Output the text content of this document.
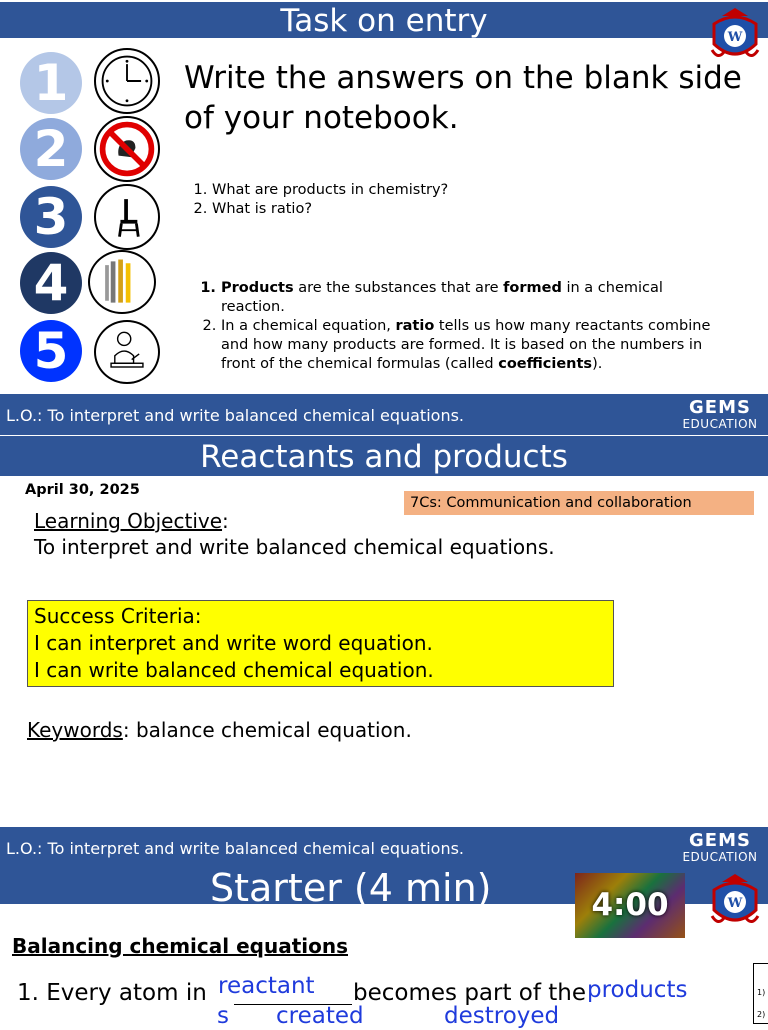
Task on entry	W
1
2
3
4
5
Write the answers on the blank side of your notebook.
1. What are products in chemistry?
2. What is ratio?
1. Products are the substances that are formed in a chemical reaction.
2. In a chemical equation, ratio tells us how many reactants combine and how many products are formed. It is based on the numbers in front of the chemical formulas (called coefficients).
L.O.: To interpret and write balanced chemical equations.	GEMS
EDUCATION
Reactants and products
April 30, 2025
7Cs: Communication and collaboration
Learning Objective:
To interpret and write balanced chemical equations.
Success Criteria:
I can interpret and write word equation.
I can write balanced chemical equation.
Keywords: balance chemical equation.
L.O.: To interpret and write balanced chemical equations.	GEMS
EDUCATION
Starter (4 min)	4:00	W
Balancing chemical equations
1. Every atom in reactant
s
becomes part of the products
created	destroyed
1)
2)
